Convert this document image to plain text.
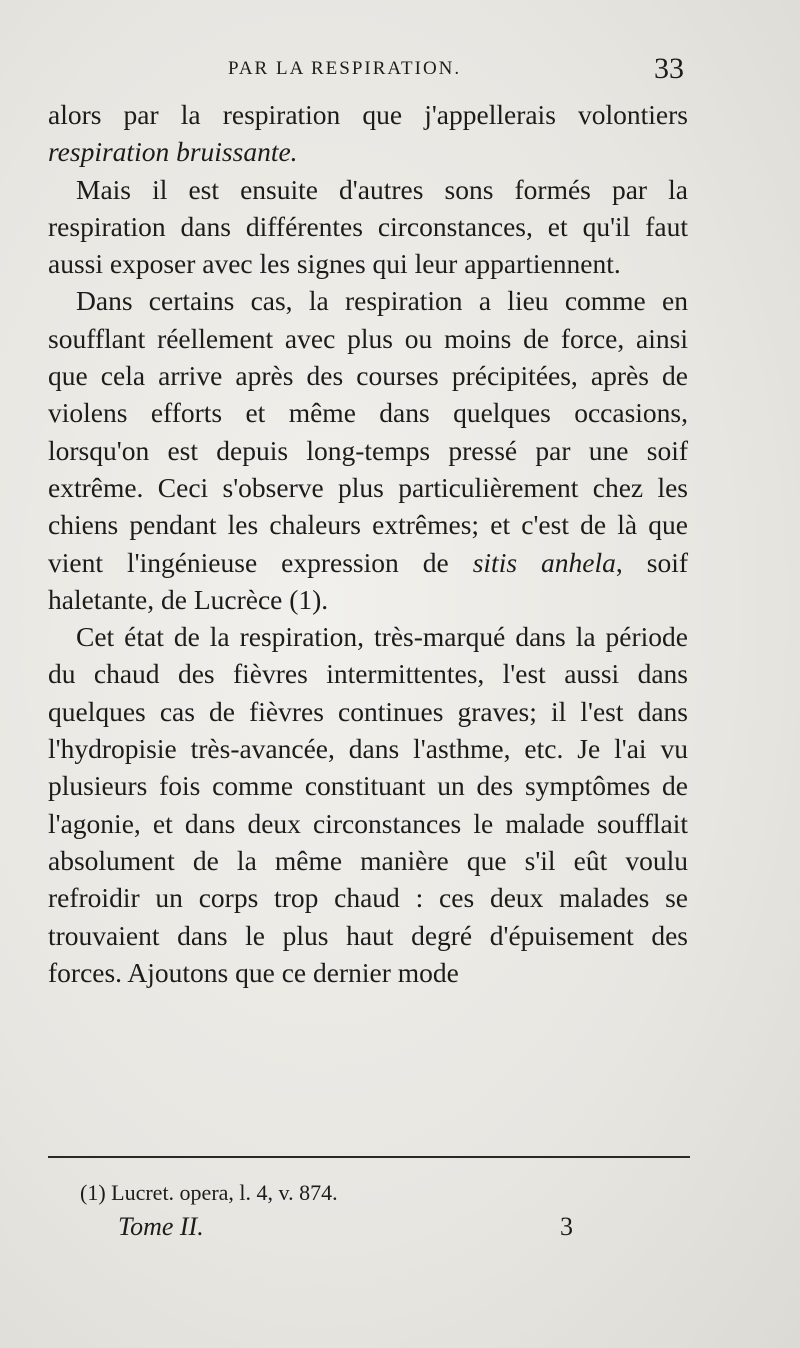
PAR LA RESPIRATION.	33

alors par la respiration que j'appellerais volontiers respiration bruissante.

Mais il est ensuite d'autres sons formés par la respiration dans différentes circonstances, et qu'il faut aussi exposer avec les signes qui leur appartiennent.

Dans certains cas, la respiration a lieu comme en soufflant réellement avec plus ou moins de force, ainsi que cela arrive après des courses précipitées, après de violens efforts et même dans quelques occasions, lorsqu'on est depuis long-temps pressé par une soif extrême. Ceci s'observe plus particulièrement chez les chiens pendant les chaleurs extrêmes; et c'est de là que vient l'ingénieuse expression de sitis anhela, soif haletante, de Lucrèce (1).

Cet état de la respiration, très-marqué dans la période du chaud des fièvres intermittentes, l'est aussi dans quelques cas de fièvres continues graves; il l'est dans l'hydropisie très-avancée, dans l'asthme, etc. Je l'ai vu plusieurs fois comme constituant un des symptômes de l'agonie, et dans deux circonstances le malade soufflait absolument de la même manière que s'il eût voulu refroidir un corps trop chaud : ces deux malades se trouvaient dans le plus haut degré d'épuisement des forces. Ajoutons que ce dernier mode

(1) Lucret. opera, l. 4, v. 874.
Tome II.	3
